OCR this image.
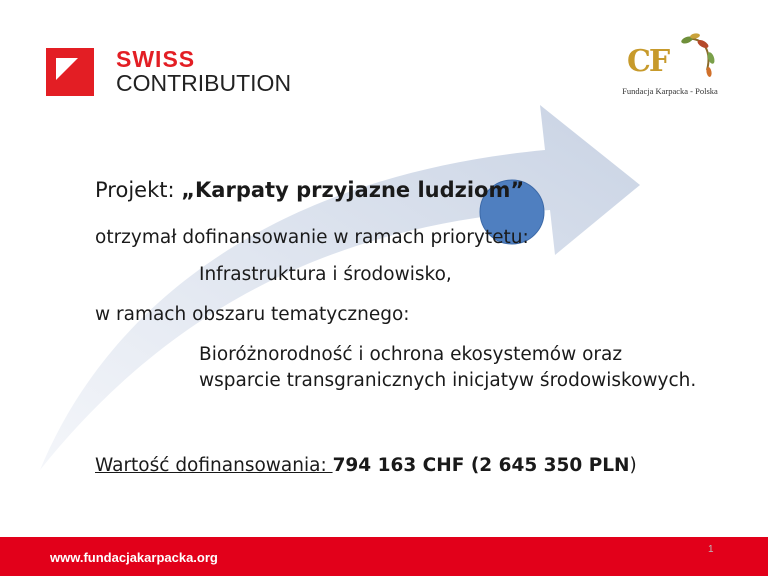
SWISS
CONTRIBUTION
CF
Fundacja Karpacka - Polska
Projekt: „Karpaty przyjazne ludziom”
otrzymał dofinansowanie w ramach priorytetu:
Infrastruktura i środowisko,
w ramach obszaru tematycznego:
Bioróżnorodność i ochrona ekosystemów oraz wsparcie transgranicznych inicjatyw środowiskowych.
Wartość dofinansowania: 794 163 CHF (2 645 350 PLN)
www.fundacjakarpacka.org
1
